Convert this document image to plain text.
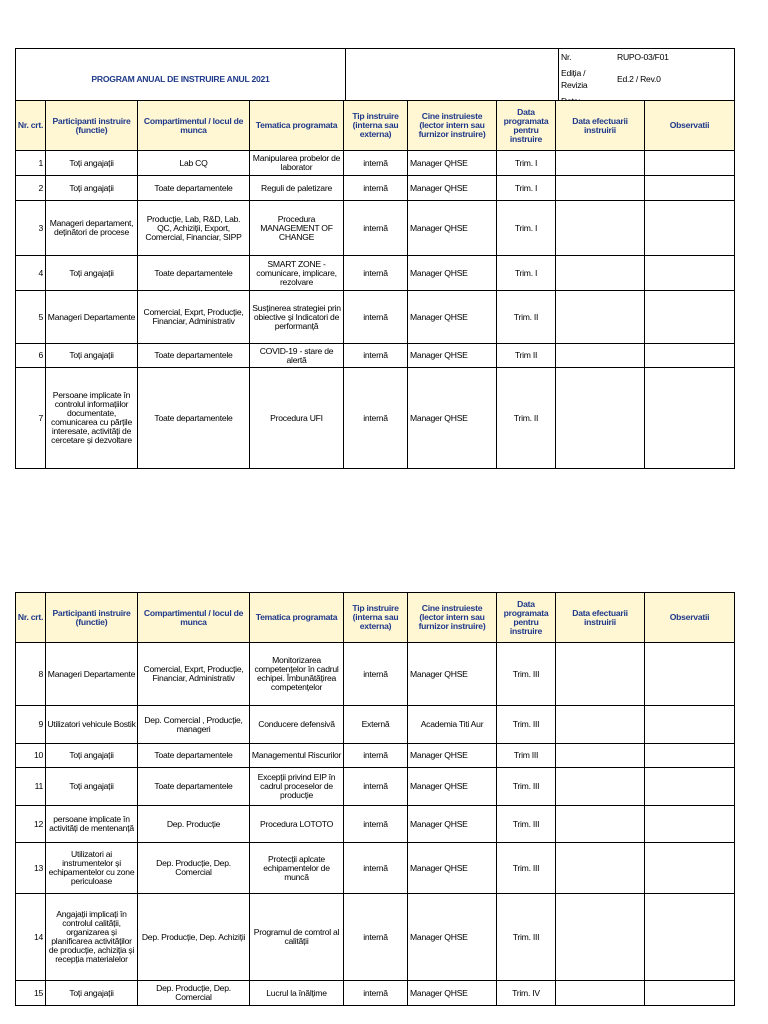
PROGRAM ANUAL DE INSTRUIRE ANUL 2021		
Nr.	RUPO-03/F01
Ediția / Revizia	Ed.2 / Rev.0

Nr. crt.	Participanti instruire (functie)	Compartimentul / locul de munca	Tematica programata	Tip instruire (interna sau externa)	Cine instruieste (lector intern sau furnizor instruire)	Data programata pentru instruire	Data efectuarii instruirii	Observatii
1	Toți angajații	Lab CQ	Manipularea probelor de laborator	internă	Manager QHSE	Trim. I		
2	Toți angajații	Toate departamentele	Reguli de paletizare	internă	Manager QHSE	Trim. I		
3	Manageri departament, deținători de procese	Producție, Lab, R&D, Lab. QC, Achiziții, Export, Comercial, Financiar, SIPP	Procedura MANAGEMENT OF CHANGE	internă	Manager QHSE	Trim. I		
4	Toți angajații	Toate departamentele	SMART ZONE - comunicare, implicare, rezolvare	internă	Manager QHSE	Trim. I		
5	Manageri Departamente	Comercial, Exprt, Producție, Financiar, Administrativ	Susținerea strategiei prin obiective și Indicatori de performanță	internă	Manager QHSE	Trim. II		
6	Toți angajații	Toate departamentele	COVID-19 - stare de alertă	internă	Manager QHSE	Trim II		
7	Persoane implicate în controlul informațiilor documentate, comunicarea cu părțile interesate, activități de cercetare și dezvoltare	Toate departamentele	Procedura UFI	internă	Manager QHSE	Trim. II		
Nr. crt.	Participanti instruire (functie)	Compartimentul / locul de munca	Tematica programata	Tip instruire (interna sau externa)	Cine instruieste (lector intern sau furnizor instruire)	Data programata pentru instruire	Data efectuarii instruirii	Observatii
8	Manageri Departamente	Comercial, Exprt, Producție, Financiar, Administrativ	Monitorizarea competențelor în cadrul echipei. Îmbunătățirea competențelor	internă	Manager QHSE	Trim. III		
9	Utilizatori vehicule Bostik	Dep. Comercial , Producție, manageri	Conducere defensivă	Externă	Academia Titi Aur	Trim. III		
10	Toți angajații	Toate departamentele	Managementul Riscurilor	internă	Manager QHSE	Trim III		
11	Toți angajații	Toate departamentele	Excepții privind EIP în cadrul proceselor de producție	internă	Manager QHSE	Trim. III		
12	persoane implicate în activități de mentenanță	Dep. Producție	Procedura LOTOTO	internă	Manager QHSE	Trim. III		
13	Utilizatori ai instrumentelor și echipamentelor cu zone periculoase	Dep. Producție, Dep. Comercial	Protecții aplcate echipamentelor de muncă	internă	Manager QHSE	Trim. III		
14	Angajații implicați în controlul calității, organizarea și planificarea activităților de producție, achiziția și recepția materialelor	Dep. Producție, Dep. Achiziții	Programul de comtrol al calității	internă	Manager QHSE	Trim. III		
15	Toți angajații	Dep. Producție, Dep. Comercial	Lucrul la înălțime	internă	Manager QHSE	Trim. IV		
